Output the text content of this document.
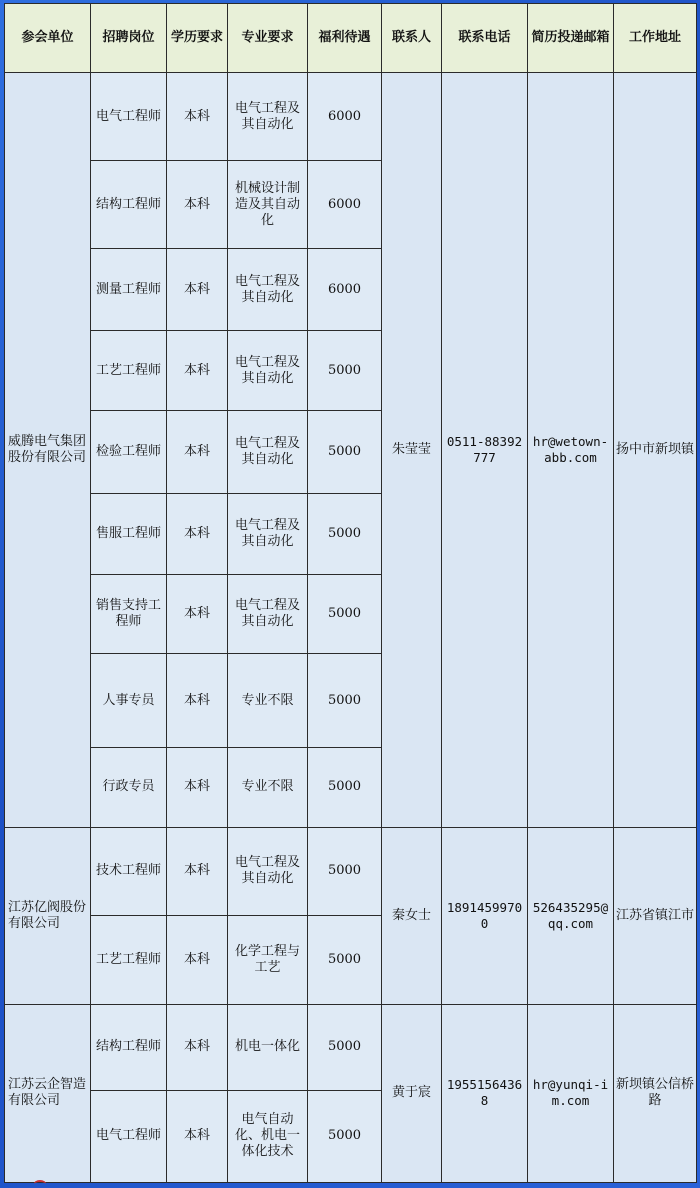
参会单位	招聘岗位	学历要求	专业要求	福利待遇	联系人	联系电话	简历投递邮箱	工作地址
威腾电气集团股份有限公司	电气工程师	本科	电气工程及其自动化	6000	朱莹莹	0511-88392777	hr@wetown-abb.com	扬中市新坝镇
	结构工程师	本科	机械设计制造及其自动化	6000				
	测量工程师	本科	电气工程及其自动化	6000				
	工艺工程师	本科	电气工程及其自动化	5000				
	检验工程师	本科	电气工程及其自动化	5000				
	售服工程师	本科	电气工程及其自动化	5000				
	销售支持工程师	本科	电气工程及其自动化	5000				
	人事专员	本科	专业不限	5000				
	行政专员	本科	专业不限	5000				
江苏亿阀股份有限公司	技术工程师	本科	电气工程及其自动化	5000	秦女士	18914599700	526435295@qq.com	江苏省镇江市
	工艺工程师	本科	化学工程与工艺	5000				
江苏云企智造有限公司	结构工程师	本科	机电一体化	5000	黄于宸	19551564368	hr@yunqi-im.com	新坝镇公信桥路
	电气工程师	本科	电气自动化、机电一体化技术	5000				
